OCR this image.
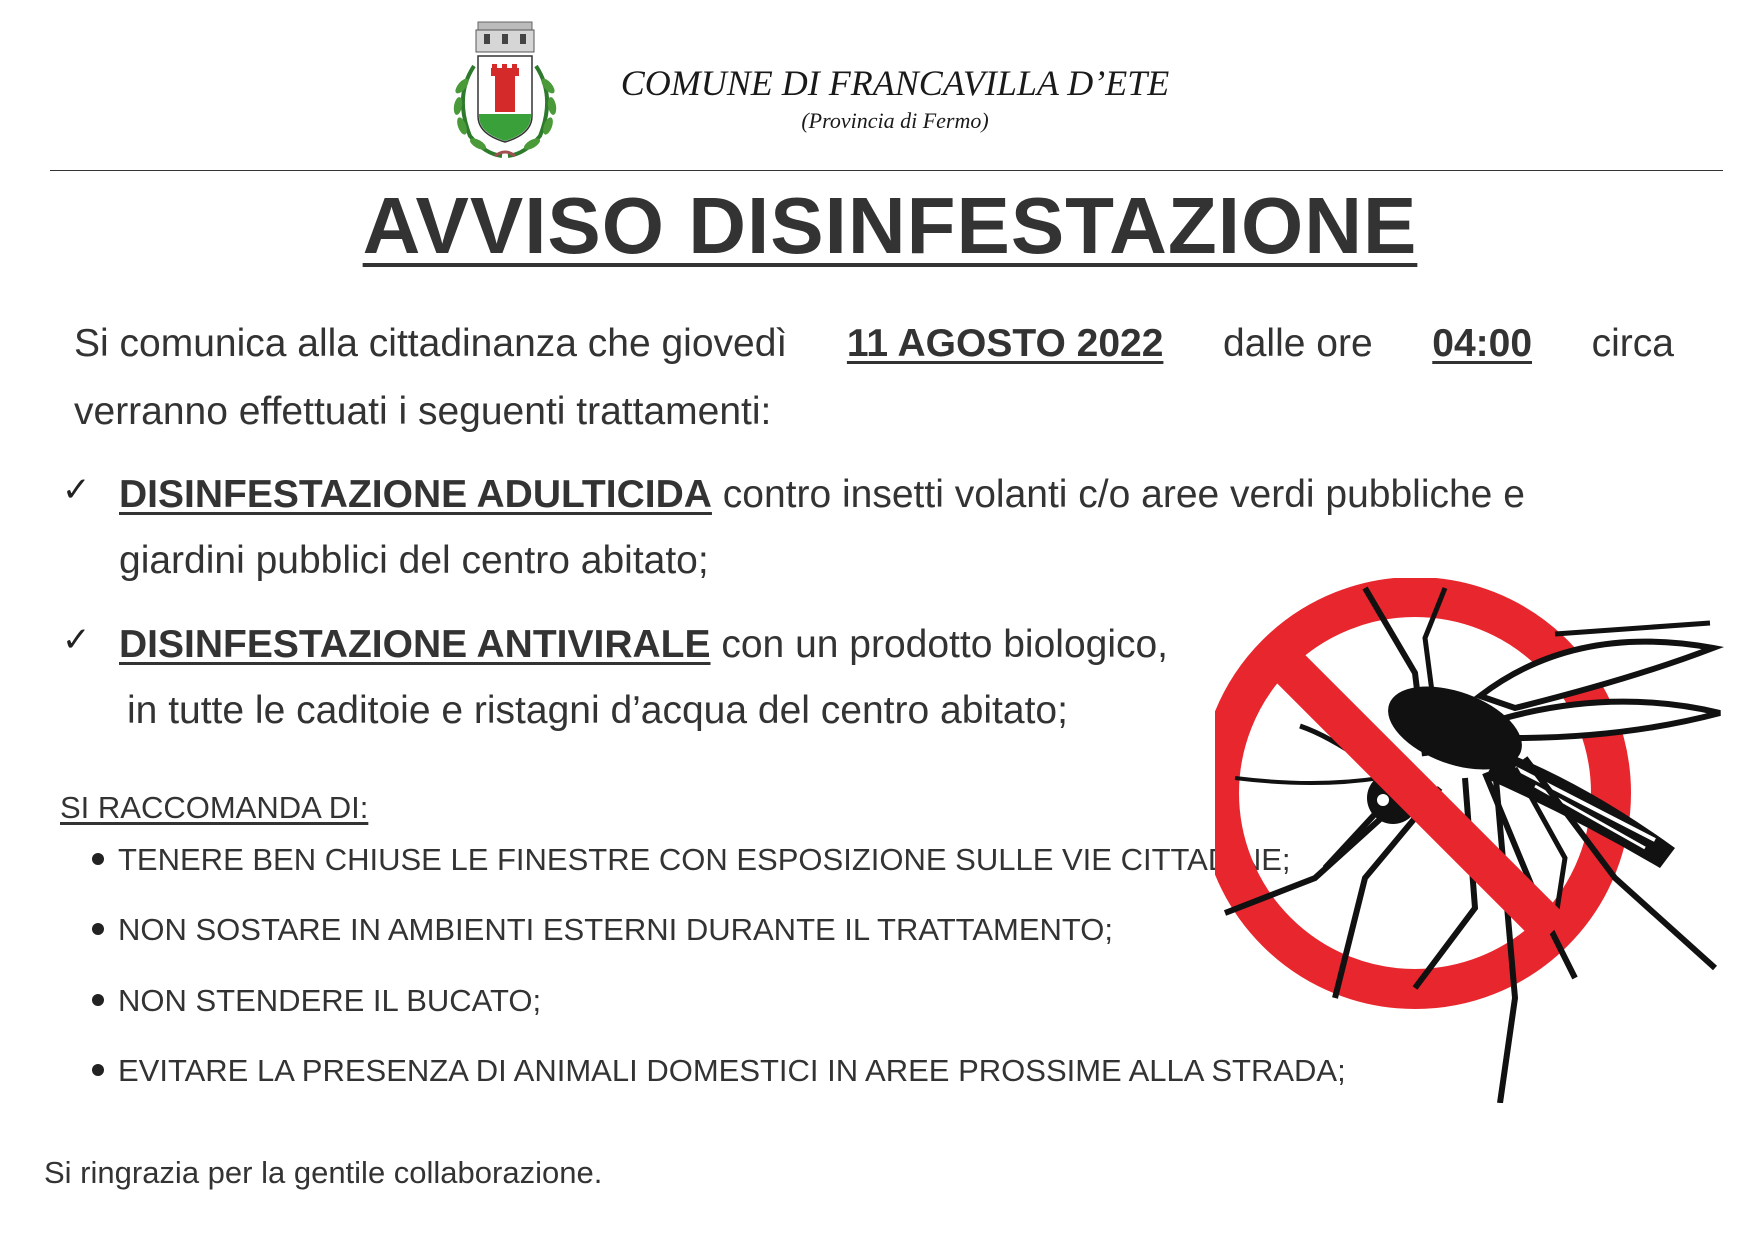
COMUNE DI FRANCAVILLA D’ETE
(Provincia di Fermo)
AVVISO DISINFESTAZIONE
Si comunica alla cittadinanza che giovedì 11 AGOSTO 2022 dalle ore 04:00 circa
verranno effettuati i seguenti trattamenti:
✓ DISINFESTAZIONE ADULTICIDA contro insetti volanti c/o aree verdi pubbliche e
giardini pubblici del centro abitato;
✓ DISINFESTAZIONE ANTIVIRALE con un prodotto biologico,
in tutte le caditoie e ristagni d’acqua del centro abitato;
SI RACCOMANDA DI:
TENERE BEN CHIUSE LE FINESTRE CON ESPOSIZIONE SULLE VIE CITTADINE;
NON SOSTARE IN AMBIENTI ESTERNI DURANTE IL TRATTAMENTO;
NON STENDERE IL BUCATO;
EVITARE LA PRESENZA DI ANIMALI DOMESTICI IN AREE PROSSIME ALLA STRADA;
Si ringrazia per la gentile collaborazione.
